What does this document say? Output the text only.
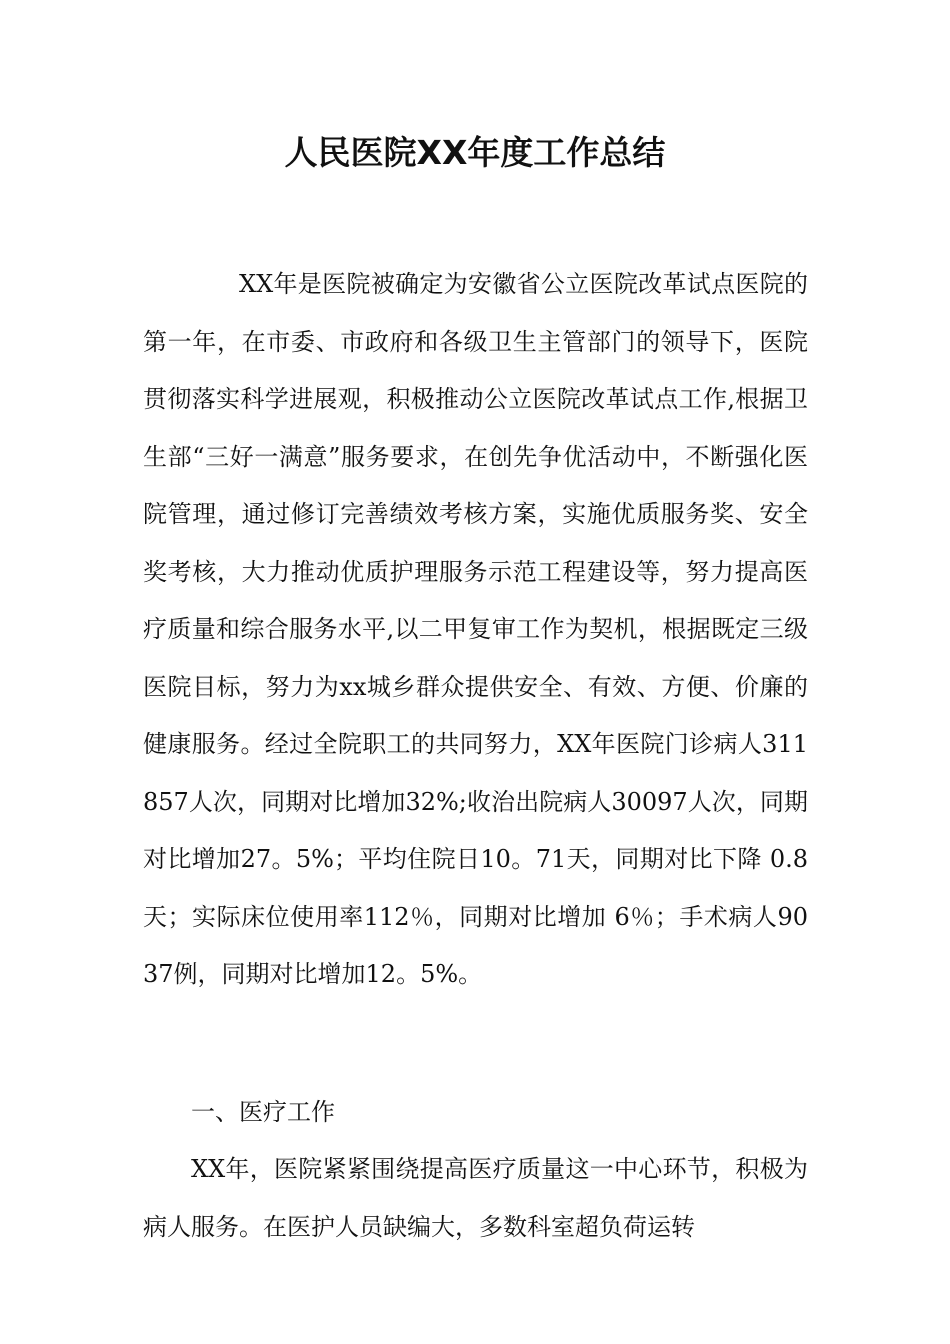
人民医院XX年度工作总结

XX年是医院被确定为安徽省公立医院改革试点医院的第一年，在市委、市政府和各级卫生主管部门的领导下，医院贯彻落实科学进展观，积极推动公立医院改革试点工作,根据卫生部“三好一满意”服务要求，在创先争优活动中，不断强化医院管理，通过修订完善绩效考核方案，实施优质服务奖、安全奖考核，大力推动优质护理服务示范工程建设等，努力提高医疗质量和综合服务水平,以二甲复审工作为契机，根据既定三级医院目标，努力为xx城乡群众提供安全、有效、方便、价廉的健康服务。经过全院职工的共同努力，XX年医院门诊病人311857人次，同期对比增加32%;收治出院病人30097人次，同期对比增加27。5%；平均住院日10。71天，同期对比下降 0.8天；实际床位使用率112％，同期对比增加 6％；手术病人9037例，同期对比增加12。5%。

一、医疗工作

XX年，医院紧紧围绕提高医疗质量这一中心环节，积极为病人服务。在医护人员缺编大，多数科室超负荷运转
